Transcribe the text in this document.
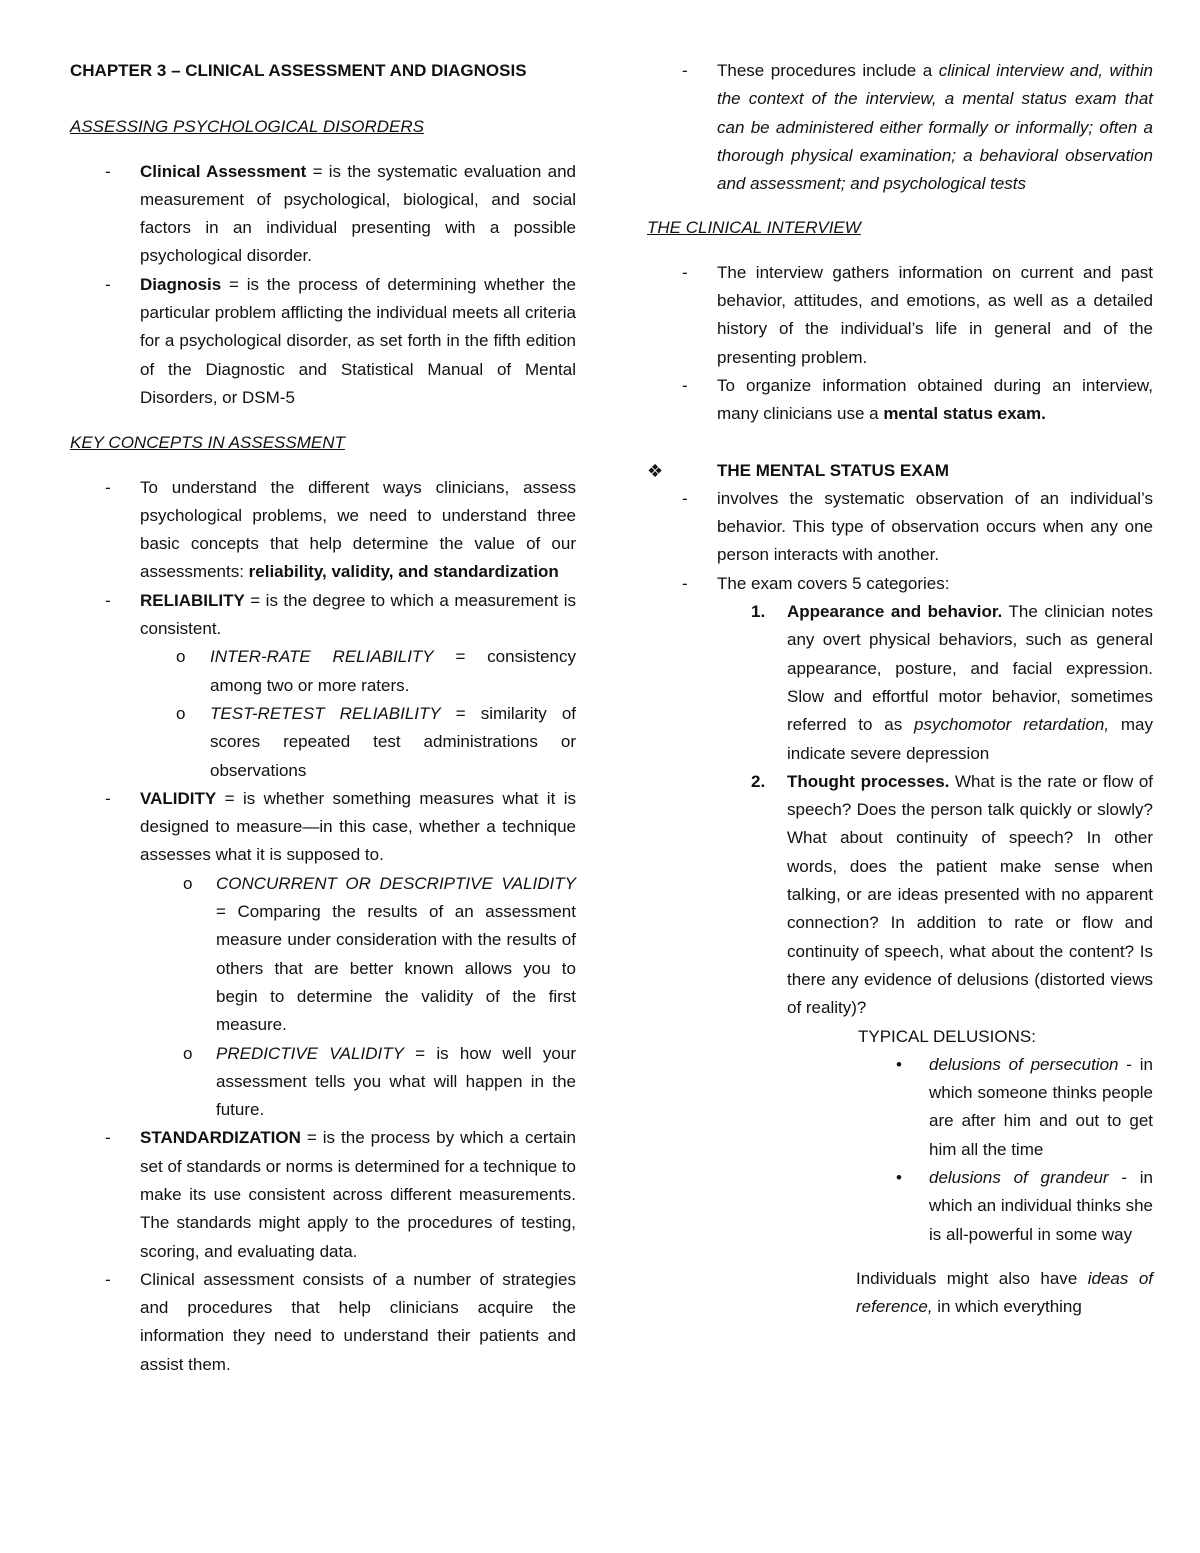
CHAPTER 3 – CLINICAL ASSESSMENT AND DIAGNOSIS

ASSESSING PSYCHOLOGICAL DISORDERS

- Clinical Assessment = is the systematic evaluation and measurement of psychological, biological, and social factors in an individual presenting with a possible psychological disorder.

- Diagnosis = is the process of determining whether the particular problem afflicting the individual meets all criteria for a psychological disorder, as set forth in the fifth edition of the Diagnostic and Statistical Manual of Mental Disorders, or DSM-5

KEY CONCEPTS IN ASSESSMENT

- To understand the different ways clinicians, assess psychological problems, we need to understand three basic concepts that help determine the value of our assessments: reliability, validity, and standardization

- RELIABILITY = is the degree to which a measurement is consistent.

o INTER-RATE RELIABILITY = consistency among two or more raters.

o TEST-RETEST RELIABILITY = similarity of scores repeated test administrations or observations

- VALIDITY = is whether something measures what it is designed to measure—in this case, whether a technique assesses what it is supposed to.

o CONCURRENT OR DESCRIPTIVE VALIDITY = Comparing the results of an assessment measure under consideration with the results of others that are better known allows you to begin to determine the validity of the first measure.

o PREDICTIVE VALIDITY = is how well your assessment tells you what will happen in the future.

- STANDARDIZATION = is the process by which a certain set of standards or norms is determined for a technique to make its use consistent across different measurements. The standards might apply to the procedures of testing, scoring, and evaluating data.

- Clinical assessment consists of a number of strategies and procedures that help clinicians acquire the information they need to understand their patients and assist them.

- These procedures include a clinical interview and, within the context of the interview, a mental status exam that can be administered either formally or informally; often a thorough physical examination; a behavioral observation and assessment; and psychological tests

THE CLINICAL INTERVIEW

- The interview gathers information on current and past behavior, attitudes, and emotions, as well as a detailed history of the individual’s life in general and of the presenting problem.

- To organize information obtained during an interview, many clinicians use a mental status exam.

❖	THE MENTAL STATUS EXAM

- involves the systematic observation of an individual’s behavior. This type of observation occurs when any one person interacts with another.

- The exam covers 5 categories:

1. Appearance and behavior. The clinician notes any overt physical behaviors, such as general appearance, posture, and facial expression. Slow and effortful motor behavior, sometimes referred to as psychomotor retardation, may indicate severe depression

2. Thought processes. What is the rate or flow of speech? Does the person talk quickly or slowly? What about continuity of speech? In other words, does the patient make sense when talking, or are ideas presented with no apparent connection? In addition to rate or flow and continuity of speech, what about the content? Is there any evidence of delusions (distorted views of reality)?

TYPICAL DELUSIONS:

• delusions of persecution - in which someone thinks people are after him and out to get him all the time

• delusions of grandeur - in which an individual thinks she is all-powerful in some way

Individuals might also have ideas of reference, in which everything
